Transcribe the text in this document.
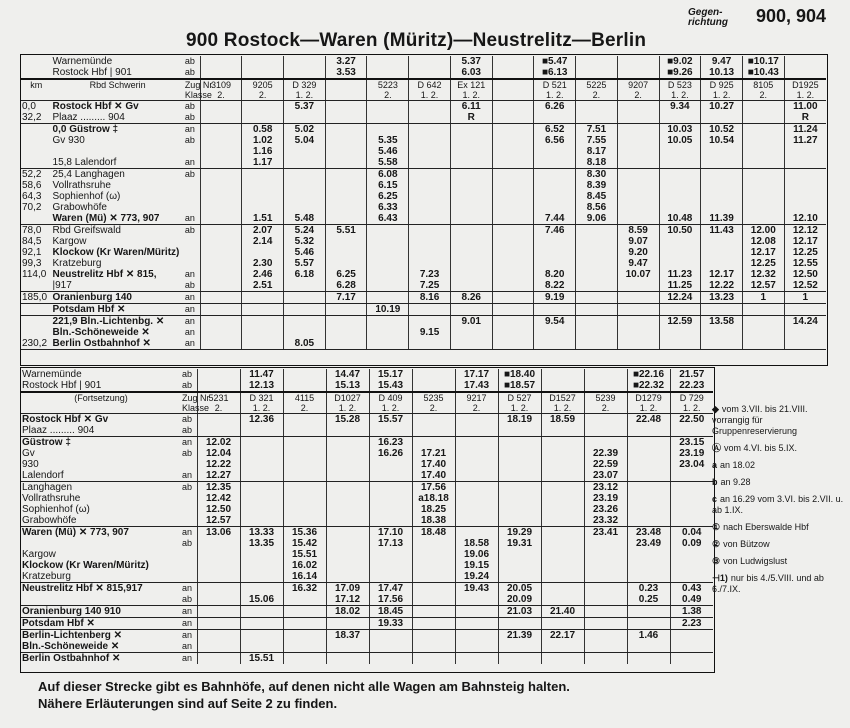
Gegen-
richtung	900, 904
900 Rostock—Waren (Müritz)—Neustrelitz—Berlin
	Warnemünde	ab				3.27			5.37		■5.47			■9.02	9.47	■10.17	
	Rostock Hbf | 901	ab				3.53			6.03		■6.13			■9.26	10.13	■10.43	
km	Rbd Schwerin	Zug Nr	3109	9205	D 329		5223	D 642	Ex 121		D 521	5225	9207	D 523	D 925	8105	D1925
		Klasse	2.	2.	1. 2.		2.	1. 2.	1. 2.		1. 2.	2.	2.	1. 2.	1. 2.	2.	1. 2.
0,0	Rostock Hbf ✕ Gv	ab			5.37				6.11		6.26			9.34	10.27		11.00
32,2	Plaaz ......... 904	ab							R								R
	0,0 Güstrow ‡	an		0.58	5.02						6.52	7.51		10.03	10.52		11.24
	Gv 930	ab		1.02	5.04		5.35				6.56	7.55		10.05	10.54		11.27
				1.16			5.46					8.17					
	15,8 Lalendorf	an		1.17			5.58					8.18					
52,2	25,4 Langhagen	ab					6.08					8.30					
58,6	Vollrathsruhe						6.15					8.39					
64,3	Sophienhof (ω)						6.25					8.45					
70,2	Grabowhöfe						6.33					8.56					
	Waren (Mü) ✕ 773, 907	an		1.51	5.48		6.43				7.44	9.06		10.48	11.39		12.10
78,0	Rbd Greifswald	ab		2.07	5.24	5.51					7.46		8.59	10.50	11.43	12.00	12.12
84,5	Kargow			2.14	5.32								9.07			12.08	12.17
92,1	Klockow (Kr Waren/Müritz)				5.46								9.20			12.17	12.25
99,3	Kratzeburg			2.30	5.57								9.47			12.25	12.55
114,0	Neustrelitz Hbf ✕ 815,	an		2.46	6.18	6.25		7.23			8.20		10.07	11.23	12.17	12.32	12.50
	|917	ab		2.51		6.28		7.25			8.22			11.25	12.22	12.57	12.52
185,0	Oranienburg 140	an				7.17		8.16	8.26		9.19			12.24	13.23	1	1
	Potsdam Hbf ✕	an					10.19										
	221,9 Bln.-Lichtenbg. ✕	an							9.01		9.54			12.59	13.58		14.24
	Bln.-Schöneweide ✕	an						9.15									
230,2	Berlin Ostbahnhof ✕	an			8.05												
Warnemünde	ab		11.47		14.47	15.17		17.17	■18.40			■22.16	21.57
Rostock Hbf | 901	ab		12.13		15.13	15.43		17.43	■18.57			■22.32	22.23
(Fortsetzung)	Zug Nr	5231	D 321	4115	D1027	D 409	5235	9217	D 527	D1527	5239	D1279	D 729
	Klasse	2.	1. 2.	2.	1. 2.	1. 2.	2.	2.	1. 2.	1. 2.	2.	1. 2.	1. 2.
Rostock Hbf ✕ Gv	ab		12.36		15.28	15.57			18.19	18.59		22.48	22.50
Plaaz ......... 904	ab												
Güstrow ‡	an	12.02				16.23							23.15
Gv	ab	12.04				16.26	17.21				22.39		23.19
930		12.22					17.40				22.59		23.04
Lalendorf	an	12.27					17.40				23.07		
Langhagen	ab	12.35					17.56				23.12		
Vollrathsruhe		12.42					a18.18				23.19		
Sophienhof (ω)		12.50					18.25				23.26		
Grabowhöfe		12.57					18.38				23.32		
Waren (Mü) ✕ 773, 907	an	13.06	13.33	15.36		17.10	18.48		19.29		23.41	23.48	0.04
	ab		13.35	15.42		17.13		18.58	19.31			23.49	0.09
Kargow				15.51				19.06					
Klockow (Kr Waren/Müritz)				16.02				19.15					
Kratzeburg				16.14				19.24					
Neustrelitz Hbf ✕ 815,917	an			16.32	17.09	17.47		19.43	20.05			0.23	0.43
	ab		15.06		17.12	17.56			20.09			0.25	0.49
Oranienburg 140 910	an				18.02	18.45			21.03	21.40			1.38
Potsdam Hbf ✕	an					19.33							2.23
Berlin-Lichtenberg ✕	an				18.37				21.39	22.17		1.46	
Bln.-Schöneweide ✕	an												
Berlin Ostbahnhof ✕	an		15.51										
◆ vom 3.VII. bis 21.VIII. vorrangig für Gruppenreservierung
Ⓐ vom 4.VI. bis 5.IX.
a an 18.02
b an 9.28
c an 16.29 vom 3.VI. bis 2.VII. u. ab 1.IX.
① nach Eberswalde Hbf
② von Bützow
③ von Ludwigslust
⊣1) nur bis 4./5.VIII. und ab 6./7.IX.
Auf dieser Strecke gibt es Bahnhöfe, auf denen nicht alle Wagen am Bahnsteig halten.
Nähere Erläuterungen sind auf Seite 2 zu finden.
